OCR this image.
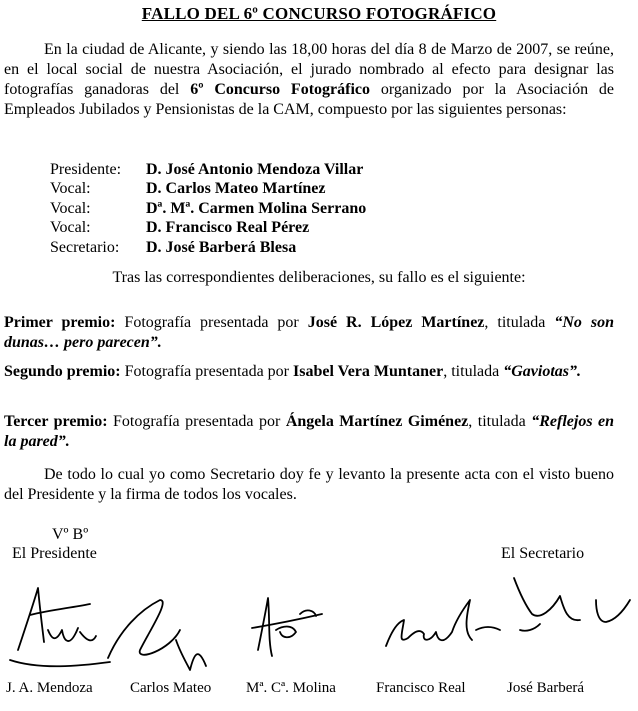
FALLO DEL 6º CONCURSO FOTOGRÁFICO

En la ciudad de Alicante, y siendo las 18,00 horas del día 8 de Marzo de 2007, se reúne, en el local social de nuestra Asociación, el jurado nombrado al efecto para designar las fotografías ganadoras del 6º Concurso Fotográfico organizado por la Asociación de Empleados Jubilados y Pensionistas de la CAM, compuesto por las siguientes personas:

Presidente:	D. José Antonio Mendoza Villar
Vocal:	D. Carlos Mateo Martínez
Vocal:	Dª. Mª. Carmen Molina Serrano
Vocal:	D. Francisco Real Pérez
Secretario:	D. José Barberá Blesa
Tras las correspondientes deliberaciones, su fallo es el siguiente:

Primer premio: Fotografía presentada por José R. López Martínez, titulada “No son dunas… pero parecen”.

Segundo premio: Fotografía presentada por Isabel Vera Muntaner, titulada “Gaviotas”.

Tercer premio: Fotografía presentada por Ángela Martínez Giménez, titulada “Reflejos en la pared”.

De todo lo cual yo como Secretario doy fe y levanto la presente acta con el visto bueno del Presidente y la firma de todos los vocales.

Vº Bº
El Presidente	El Secretario
J. A. Mendoza Carlos Mateo Mª. Cª. Molina	Francisco Real	José Barberá
